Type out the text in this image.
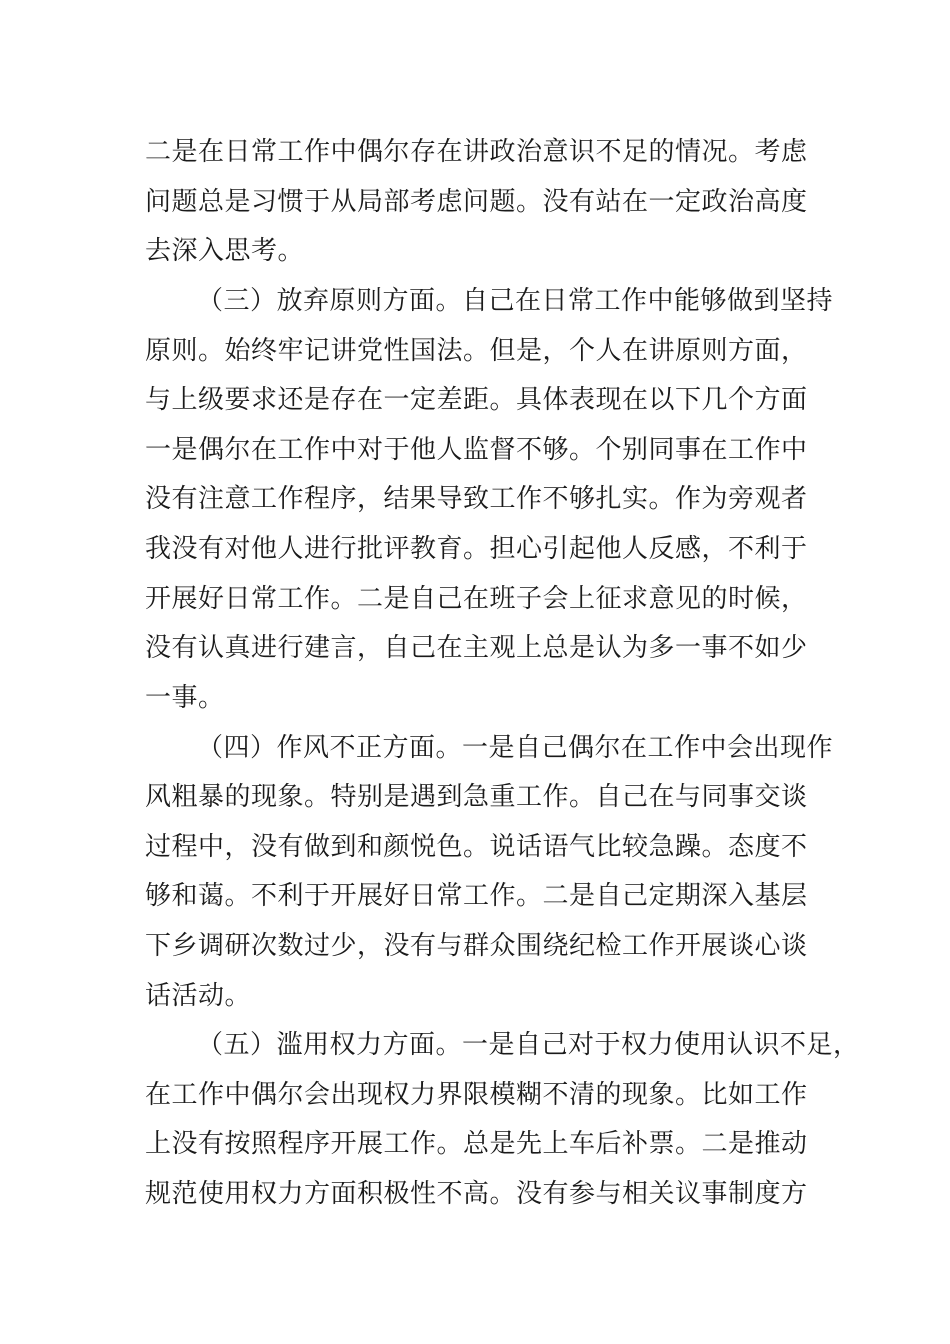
二是在日常工作中偶尔存在讲政治意识不足的情况。考虑
问题总是习惯于从局部考虑问题。没有站在一定政治高度
去深入思考。
（三）放弃原则方面。自己在日常工作中能够做到坚持
原则。始终牢记讲党性国法。但是，个人在讲原则方面，
与上级要求还是存在一定差距。具体表现在以下几个方面
一是偶尔在工作中对于他人监督不够。个别同事在工作中
没有注意工作程序，结果导致工作不够扎实。作为旁观者
我没有对他人进行批评教育。担心引起他人反感，不利于
开展好日常工作。二是自己在班子会上征求意见的时候，
没有认真进行建言，自己在主观上总是认为多一事不如少
一事。
（四）作风不正方面。一是自己偶尔在工作中会出现作
风粗暴的现象。特别是遇到急重工作。自己在与同事交谈
过程中，没有做到和颜悦色。说话语气比较急躁。态度不
够和蔼。不利于开展好日常工作。二是自己定期深入基层
下乡调研次数过少，没有与群众围绕纪检工作开展谈心谈
话活动。
（五）滥用权力方面。一是自己对于权力使用认识不足，
在工作中偶尔会出现权力界限模糊不清的现象。比如工作
上没有按照程序开展工作。总是先上车后补票。二是推动
规范使用权力方面积极性不高。没有参与相关议事制度方
